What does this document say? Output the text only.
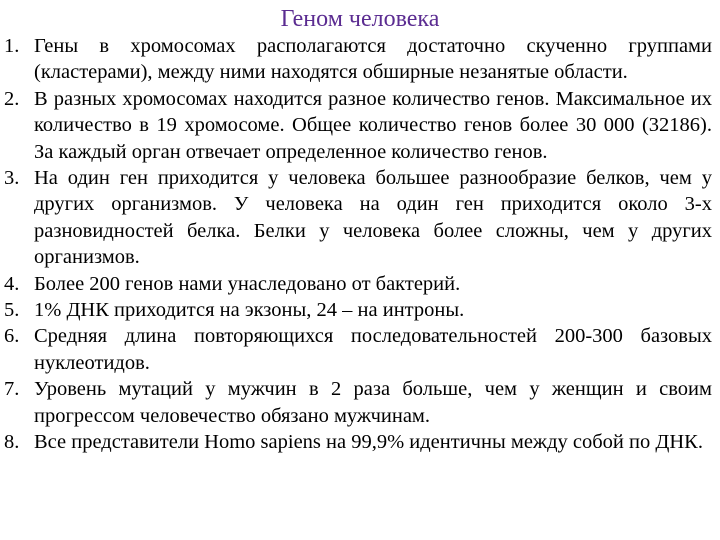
Геном человека
1. Гены в хромосомах располагаются достаточно скученно группами (кластерами), между ними находятся обширные незанятые области.
2. В разных хромосомах находится разное количество генов. Максимальное их количество в 19 хромосоме. Общее количество генов более 30 000 (32186). За каждый орган отвечает определенное количество генов.
3. На один ген приходится у человека большее разнообразие белков, чем у других организмов. У человека на один ген приходится около 3-х разновидностей белка. Белки у человека более сложны, чем у других организмов.
4. Более 200 генов нами унаследовано от бактерий.
5. 1% ДНК приходится на экзоны, 24 – на интроны.
6. Средняя длина повторяющихся последовательностей 200-300 базовых нуклеотидов.
7. Уровень мутаций у мужчин в 2 раза больше, чем у женщин и своим прогрессом человечество обязано мужчинам.
8. Все представители Homo sapiens на 99,9% идентичны между собой по ДНК.
